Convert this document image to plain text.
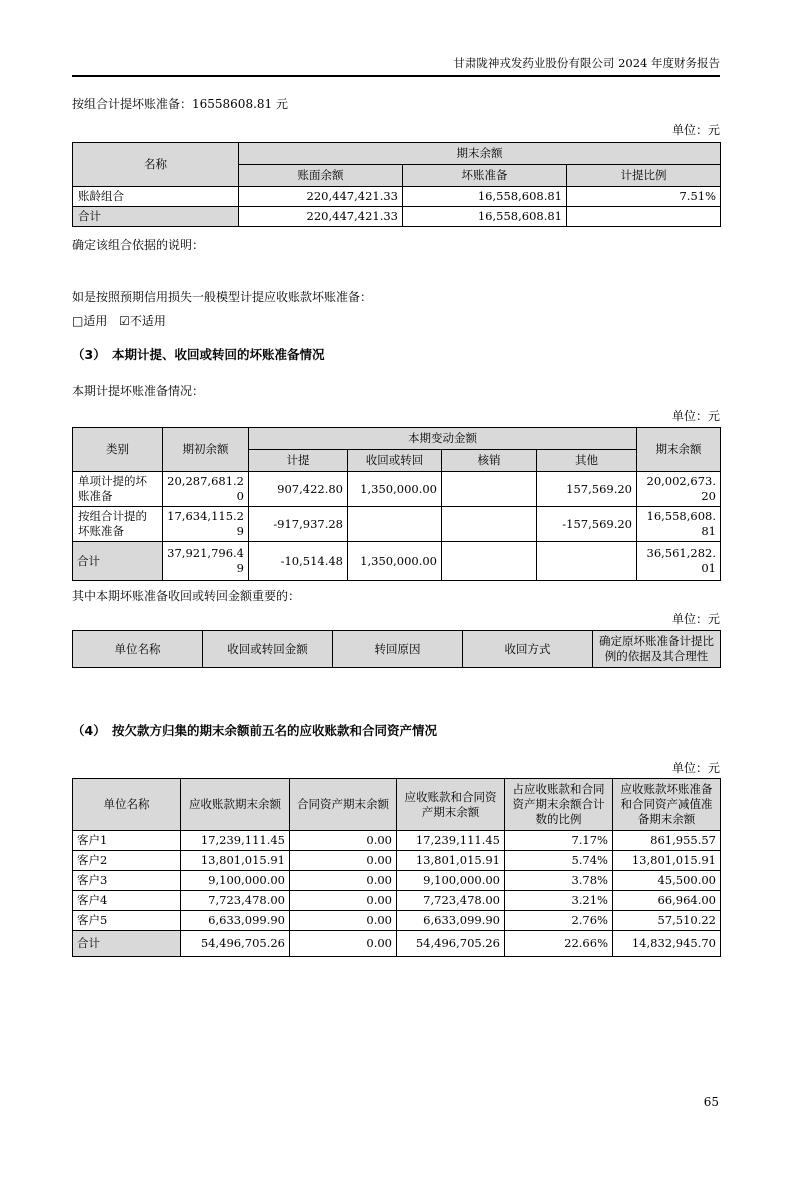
甘肃陇神戎发药业股份有限公司 2024 年度财务报告

按组合计提坏账准备：16558608.81 元

单位：元
名称	期末余额		
	账面余额	坏账准备	计提比例
账龄组合	220,447,421.33	16,558,608.81	7.51%
合计	220,447,421.33	16,558,608.81	

确定该组合依据的说明：

如是按照预期信用损失一般模型计提应收账款坏账准备：

□适用 ☑不适用

（3）　本期计提、收回或转回的坏账准备情况

本期计提坏账准备情况：

单位：元
类别	期初余额	本期变动金额				期末余额
		计提	收回或转回	核销	其他	
单项计提的坏账准备	20,287,681.20	907,422.80	1,350,000.00		157,569.20	20,002,673.20
按组合计提的坏账准备	17,634,115.29	-917,937.28			-157,569.20	16,558,608.81
合计	37,921,796.49	-10,514.48	1,350,000.00			36,561,282.01

其中本期坏账准备收回或转回金额重要的：

单位：元
单位名称	收回或转回金额	转回原因	收回方式	确定原坏账准备计提比例的依据及其合理性
（4）　按欠款方归集的期末余额前五名的应收账款和合同资产情况
单位：元
单位名称	应收账款期末余额	合同资产期末余额	应收账款和合同资产期末余额	占应收账款和合同资产期末余额合计数的比例	应收账款坏账准备和合同资产减值准备期末余额
客户1	17,239,111.45	0.00	17,239,111.45	7.17%	861,955.57
客户2	13,801,015.91	0.00	13,801,015.91	5.74%	13,801,015.91
客户3	9,100,000.00	0.00	9,100,000.00	3.78%	45,500.00
客户4	7,723,478.00	0.00	7,723,478.00	3.21%	66,964.00
客户5	6,633,099.90	0.00	6,633,099.90	2.76%	57,510.22
合计	54,496,705.26	0.00	54,496,705.26	22.66%	14,832,945.70
65
